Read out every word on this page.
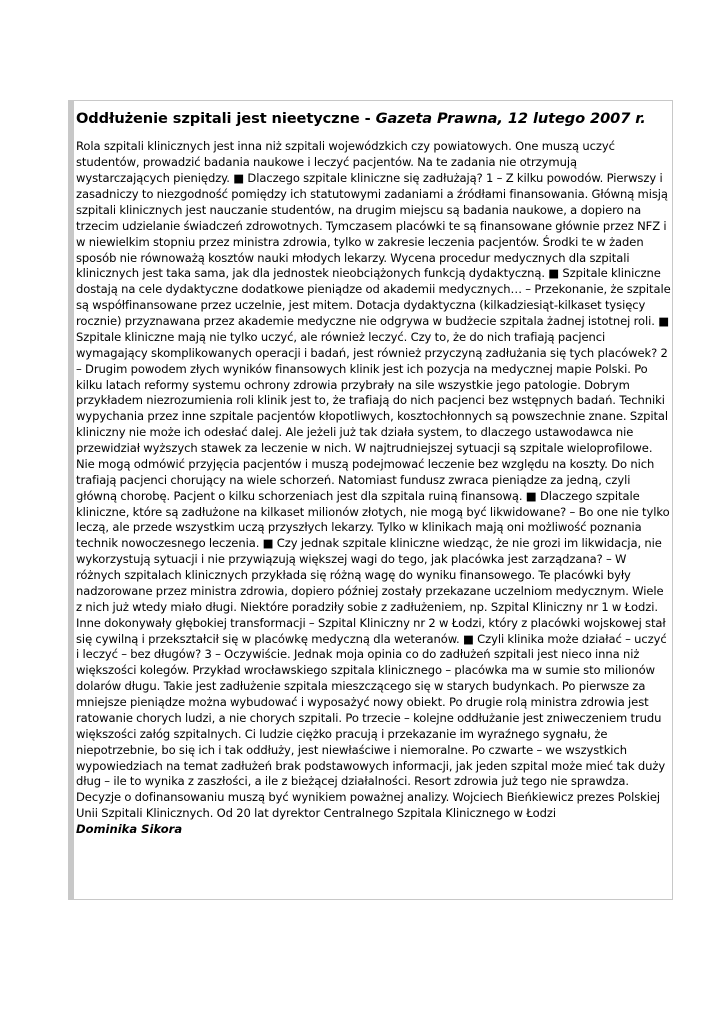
Oddłużenie szpitali jest nieetyczne - Gazeta Prawna, 12 lutego 2007 r.

Rola szpitali klinicznych jest inna niż szpitali wojewódzkich czy powiatowych. One muszą uczyć studentów, prowadzić badania naukowe i leczyć pacjentów. Na te zadania nie otrzymują wystarczających pieniędzy. ■ Dlaczego szpitale kliniczne się zadłużają? 1 – Z kilku powodów. Pierwszy i zasadniczy to niezgodność pomiędzy ich statutowymi zadaniami a źródłami finansowania. Główną misją szpitali klinicznych jest nauczanie studentów, na drugim miejscu są badania naukowe, a dopiero na trzecim udzielanie świadczeń zdrowotnych. Tymczasem placówki te są finansowane głównie przez NFZ i w niewielkim stopniu przez ministra zdrowia, tylko w zakresie leczenia pacjentów. Środki te w żaden sposób nie równoważą kosztów nauki młodych lekarzy. Wycena procedur medycznych dla szpitali klinicznych jest taka sama, jak dla jednostek nieobciążonych funkcją dydaktyczną. ■ Szpitale kliniczne dostają na cele dydaktyczne dodatkowe pieniądze od akademii medycznych… – Przekonanie, że szpitale są współfinansowane przez uczelnie, jest mitem. Dotacja dydaktyczna (kilkadziesiąt-kilkaset tysięcy rocznie) przyznawana przez akademie medyczne nie odgrywa w budżecie szpitala żadnej istotnej roli. ■ Szpitale kliniczne mają nie tylko uczyć, ale również leczyć. Czy to, że do nich trafiają pacjenci wymagający skomplikowanych operacji i badań, jest również przyczyną zadłużania się tych placówek? 2 – Drugim powodem złych wyników finansowych klinik jest ich pozycja na medycznej mapie Polski. Po kilku latach reformy systemu ochrony zdrowia przybrały na sile wszystkie jego patologie. Dobrym przykładem niezrozumienia roli klinik jest to, że trafiają do nich pacjenci bez wstępnych badań. Techniki wypychania przez inne szpitale pacjentów kłopotliwych, kosztochłonnych są powszechnie znane. Szpital kliniczny nie może ich odesłać dalej. Ale jeżeli już tak działa system, to dlaczego ustawodawca nie przewidział wyższych stawek za leczenie w nich. W najtrudniejszej sytuacji są szpitale wieloprofilowe. Nie mogą odmówić przyjęcia pacjentów i muszą podejmować leczenie bez względu na koszty. Do nich trafiają pacjenci chorujący na wiele schorzeń. Natomiast fundusz zwraca pieniądze za jedną, czyli główną chorobę. Pacjent o kilku schorzeniach jest dla szpitala ruiną finansową. ■ Dlaczego szpitale kliniczne, które są zadłużone na kilkaset milionów złotych, nie mogą być likwidowane? – Bo one nie tylko leczą, ale przede wszystkim uczą przyszłych lekarzy. Tylko w klinikach mają oni możliwość poznania technik nowoczesnego leczenia. ■ Czy jednak szpitale kliniczne wiedząc, że nie grozi im likwidacja, nie wykorzystują sytuacji i nie przywiązują większej wagi do tego, jak placówka jest zarządzana? – W różnych szpitalach klinicznych przykłada się różną wagę do wyniku finansowego. Te placówki były nadzorowane przez ministra zdrowia, dopiero później zostały przekazane uczelniom medycznym. Wiele z nich już wtedy miało długi. Niektóre poradziły sobie z zadłużeniem, np. Szpital Kliniczny nr 1 w Łodzi. Inne dokonywały głębokiej transformacji – Szpital Kliniczny nr 2 w Łodzi, który z placówki wojskowej stał się cywilną i przekształcił się w placówkę medyczną dla weteranów. ■ Czyli klinika może działać – uczyć i leczyć – bez długów? 3 – Oczywiście. Jednak moja opinia co do zadłużeń szpitali jest nieco inna niż większości kolegów. Przykład wrocławskiego szpitala klinicznego – placówka ma w sumie sto milionów dolarów długu. Takie jest zadłużenie szpitala mieszczącego się w starych budynkach. Po pierwsze za mniejsze pieniądze można wybudować i wyposażyć nowy obiekt. Po drugie rolą ministra zdrowia jest ratowanie chorych ludzi, a nie chorych szpitali. Po trzecie – kolejne oddłużanie jest zniweczeniem trudu większości załóg szpitalnych. Ci ludzie ciężko pracują i przekazanie im wyraźnego sygnału, że niepotrzebnie, bo się ich i tak oddłuży, jest niewłaściwe i niemoralne. Po czwarte – we wszystkich wypowiedziach na temat zadłużeń brak podstawowych informacji, jak jeden szpital może mieć tak duży dług – ile to wynika z zaszłości, a ile z bieżącej działalności. Resort zdrowia już tego nie sprawdza. Decyzje o dofinansowaniu muszą być wynikiem poważnej analizy. Wojciech Bieńkiewicz prezes Polskiej Unii Szpitali Klinicznych. Od 20 lat dyrektor Centralnego Szpitala Klinicznego w Łodzi

Dominika Sikora
